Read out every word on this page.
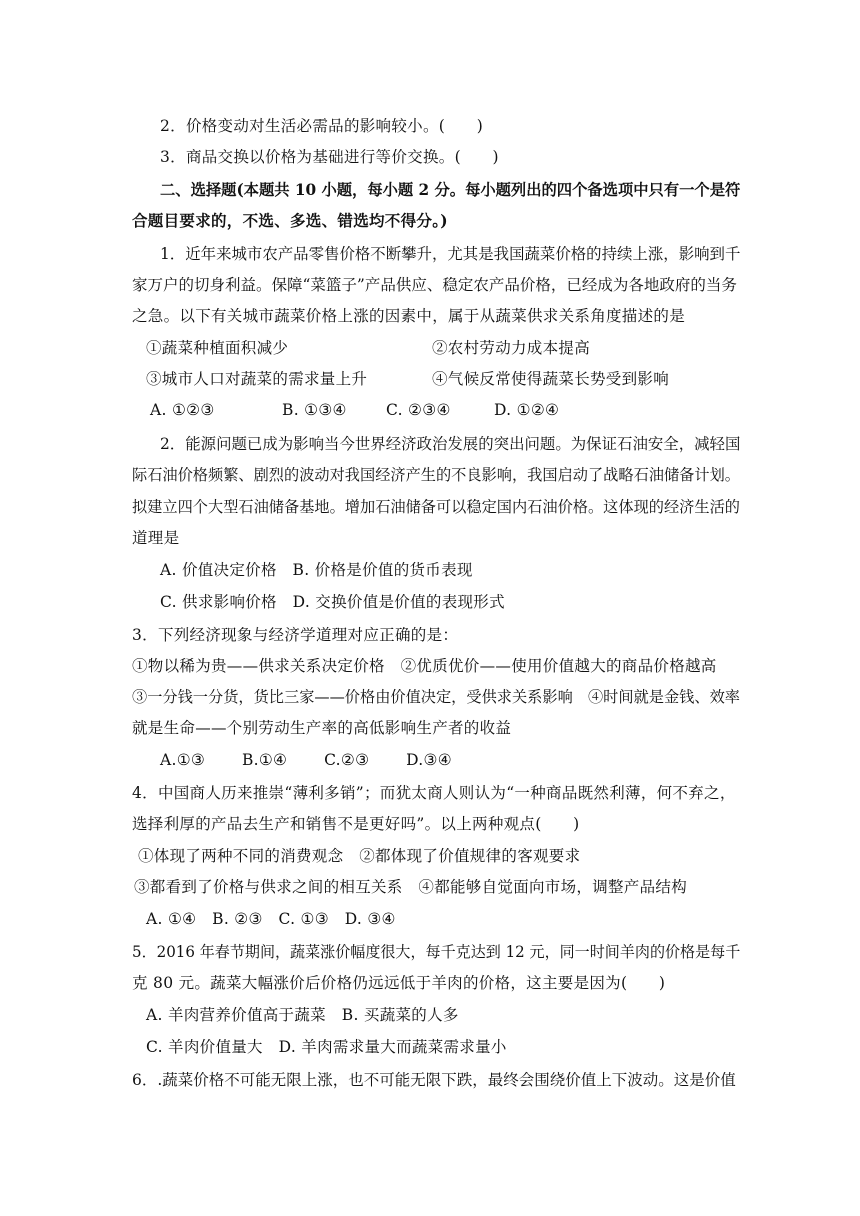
2．价格变动对生活必需品的影响较小。(　　)
3．商品交换以价格为基础进行等价交换。(　　)
二、选择题(本题共 10 小题，每小题 2 分。每小题列出的四个备选项中只有一个是符
合题目要求的，不选、多选、错选均不得分。)
1．近年来城市农产品零售价格不断攀升，尤其是我国蔬菜价格的持续上涨，影响到千
家万户的切身利益。保障“菜篮子”产品供应、稳定农产品价格，已经成为各地政府的当务
之急。以下有关城市蔬菜价格上涨的因素中，属于从蔬菜供求关系角度描述的是
①蔬菜种植面积减少	②农村劳动力成本提高
③城市人口对蔬菜的需求量上升	④气候反常使得蔬菜长势受到影响
A. ①②③	B. ①③④	C. ②③④	D. ①②④
2．能源问题已成为影响当今世界经济政治发展的突出问题。为保证石油安全，减轻国
际石油价格频繁、剧烈的波动对我国经济产生的不良影响，我国启动了战略石油储备计划。
拟建立四个大型石油储备基地。增加石油储备可以稳定国内石油价格。这体现的经济生活的
道理是
A. 价值决定价格　B. 价格是价值的货币表现
C. 供求影响价格　D. 交换价值是价值的表现形式
3．下列经济现象与经济学道理对应正确的是：
①物以稀为贵——供求关系决定价格　②优质优价——使用价值越大的商品价格越高
③一分钱一分货，货比三家——价格由价值决定，受供求关系影响　④时间就是金钱、效率
就是生命——个别劳动生产率的高低影响生产者的收益
A.①③　　 B.①④　　 C.②③　　 D.③④
4．中国商人历来推崇“薄利多销”；而犹太商人则认为“一种商品既然利薄，何不弃之，
选择利厚的产品去生产和销售不是更好吗”。以上两种观点(　　)
①体现了两种不同的消费观念　②都体现了价值规律的客观要求
③都看到了价格与供求之间的相互关系　④都能够自觉面向市场，调整产品结构
A. ①④　B. ②③　C. ①③　D. ③④
5．2016 年春节期间，蔬菜涨价幅度很大，每千克达到 12 元，同一时间羊肉的价格是每千
克 80 元。蔬菜大幅涨价后价格仍远远低于羊肉的价格，这主要是因为(　　)
A. 羊肉营养价值高于蔬菜　B. 买蔬菜的人多
C. 羊肉价值量大　D. 羊肉需求量大而蔬菜需求量小
6．.蔬菜价格不可能无限上涨，也不可能无限下跌，最终会围绕价值上下波动。这是价值
